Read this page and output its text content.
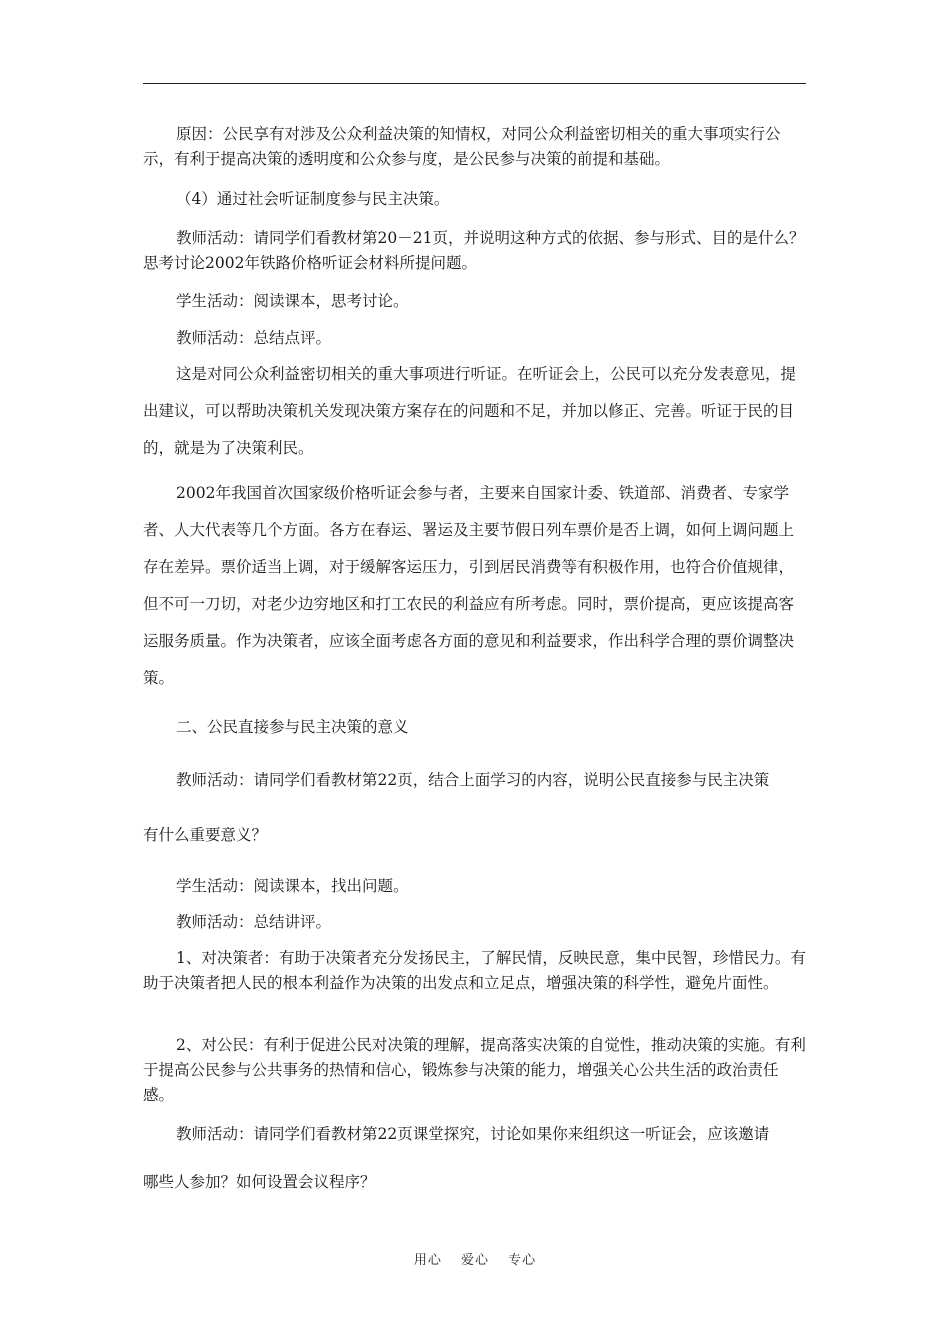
原因：公民享有对涉及公众利益决策的知情权，对同公众利益密切相关的重大事项实行公示，有利于提高决策的透明度和公众参与度，是公民参与决策的前提和基础。

（4）通过社会听证制度参与民主决策。

教师活动：请同学们看教材第20－21页，并说明这种方式的依据、参与形式、目的是什么？思考讨论2002年铁路价格听证会材料所提问题。

学生活动：阅读课本，思考讨论。

教师活动：总结点评。

这是对同公众利益密切相关的重大事项进行听证。在听证会上，公民可以充分发表意见，提出建议，可以帮助决策机关发现决策方案存在的问题和不足，并加以修正、完善。听证于民的目的，就是为了决策利民。

2002年我国首次国家级价格听证会参与者，主要来自国家计委、铁道部、消费者、专家学者、人大代表等几个方面。各方在春运、署运及主要节假日列车票价是否上调，如何上调问题上存在差异。票价适当上调，对于缓解客运压力，引到居民消费等有积极作用，也符合价值规律，但不可一刀切，对老少边穷地区和打工农民的利益应有所考虑。同时，票价提高，更应该提高客运服务质量。作为决策者，应该全面考虑各方面的意见和利益要求，作出科学合理的票价调整决策。

二、公民直接参与民主决策的意义

教师活动：请同学们看教材第22页，结合上面学习的内容，说明公民直接参与民主决策

有什么重要意义？

学生活动：阅读课本，找出问题。

教师活动：总结讲评。

1、对决策者：有助于决策者充分发扬民主，了解民情，反映民意，集中民智，珍惜民力。有助于决策者把人民的根本利益作为决策的出发点和立足点，增强决策的科学性，避免片面性。

2、对公民：有利于促进公民对决策的理解，提高落实决策的自觉性，推动决策的实施。有利于提高公民参与公共事务的热情和信心，锻炼参与决策的能力，增强关心公共生活的政治责任感。

教师活动：请同学们看教材第22页课堂探究，讨论如果你来组织这一听证会，应该邀请

哪些人参加？如何设置会议程序？

用心 爱心 专心
